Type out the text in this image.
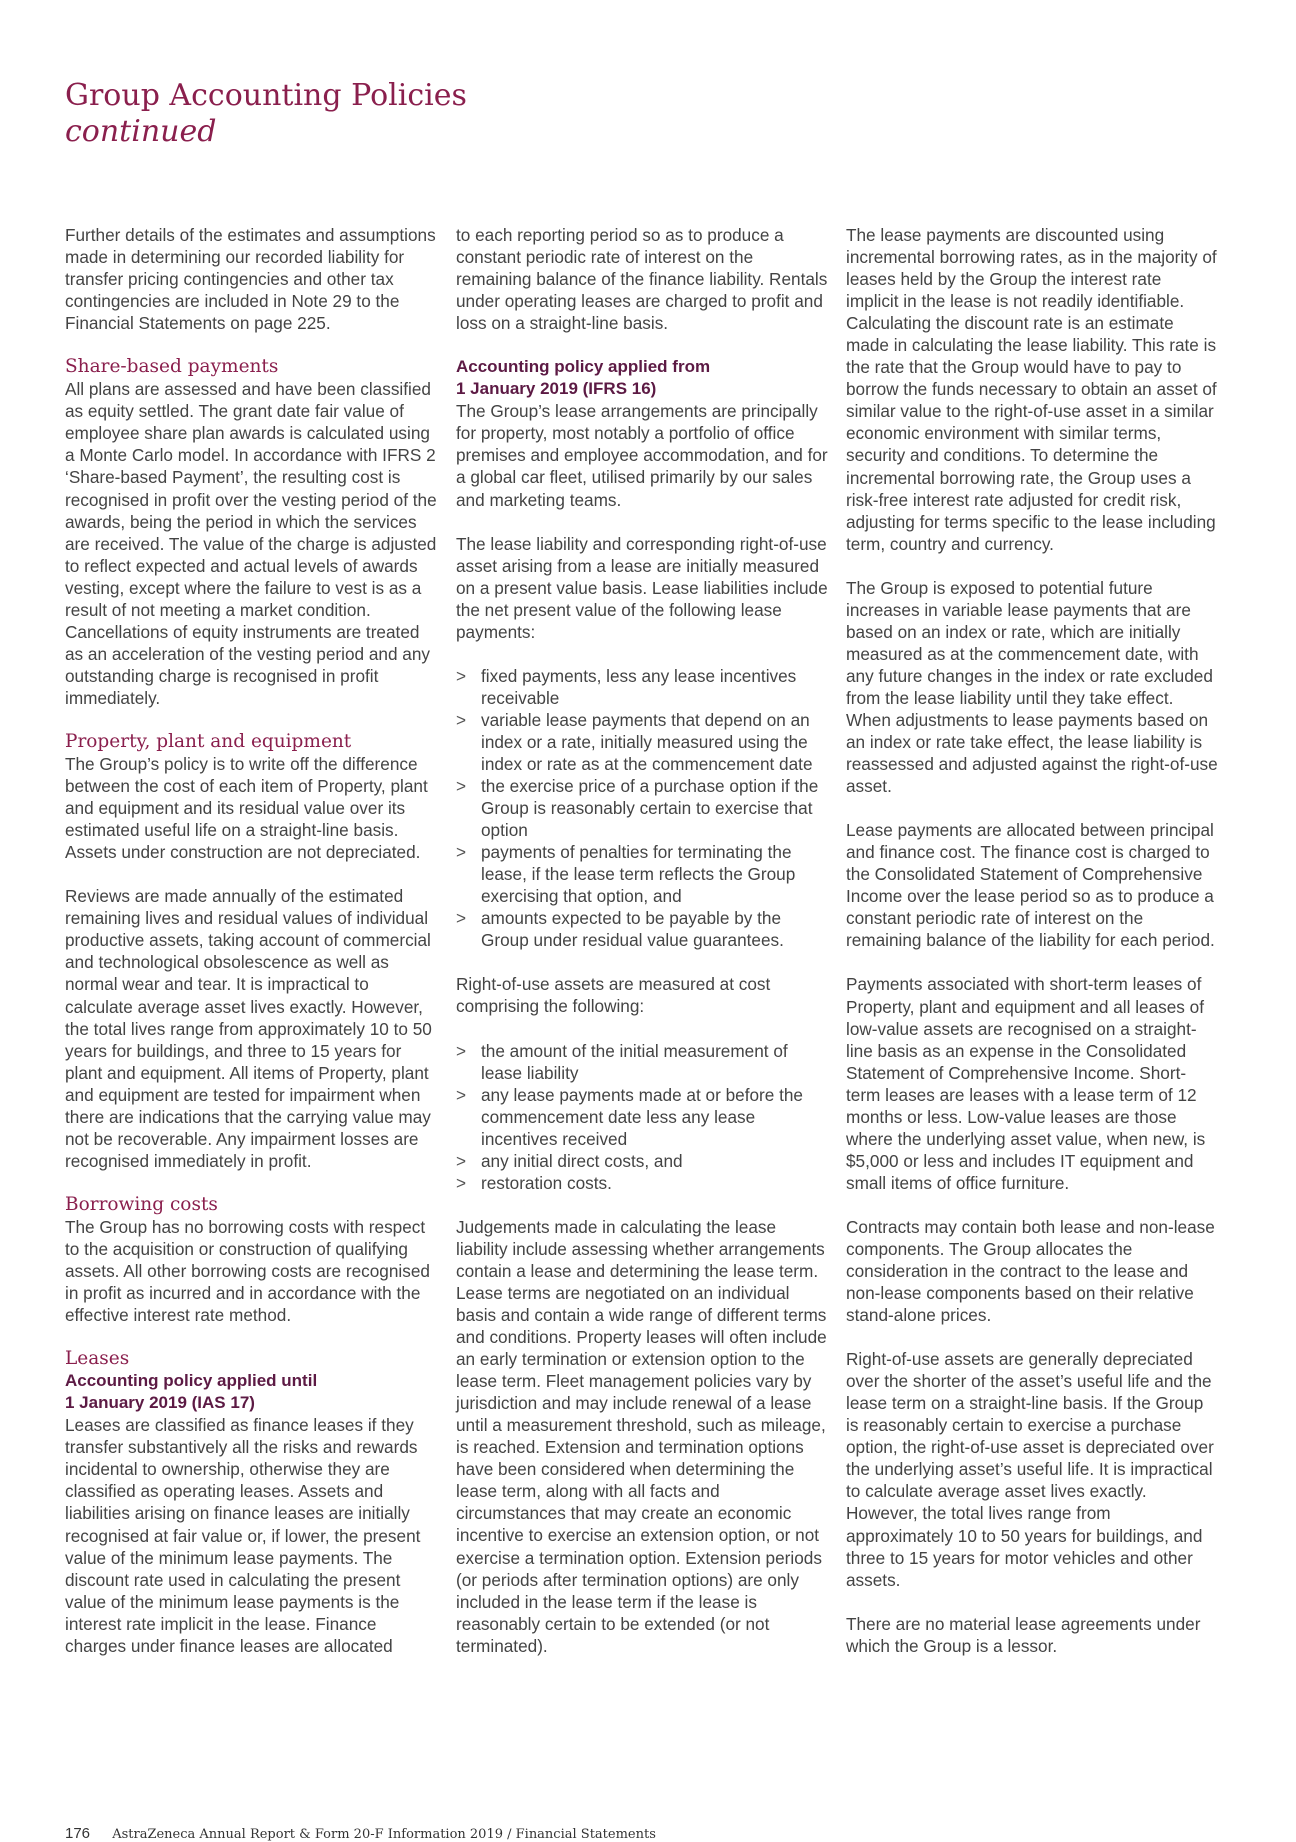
Group Accounting Policies
continued

Further details of the estimates and assumptions made in determining our recorded liability for transfer pricing contingencies and other tax contingencies are included in Note 29 to the Financial Statements on page 225.

Share-based payments

All plans are assessed and have been classified as equity settled. The grant date fair value of employee share plan awards is calculated using a Monte Carlo model. In accordance with IFRS 2 ‘Share-based Payment’, the resulting cost is recognised in profit over the vesting period of the awards, being the period in which the services are received. The value of the charge is adjusted to reflect expected and actual levels of awards vesting, except where the failure to vest is as a result of not meeting a market condition. Cancellations of equity instruments are treated as an acceleration of the vesting period and any outstanding charge is recognised in profit immediately.

Property, plant and equipment

The Group’s policy is to write off the difference between the cost of each item of Property, plant and equipment and its residual value over its estimated useful life on a straight-line basis. Assets under construction are not depreciated.

Reviews are made annually of the estimated remaining lives and residual values of individual productive assets, taking account of commercial and technological obsolescence as well as normal wear and tear. It is impractical to calculate average asset lives exactly. However, the total lives range from approximately 10 to 50 years for buildings, and three to 15 years for plant and equipment. All items of Property, plant and equipment are tested for impairment when there are indications that the carrying value may not be recoverable. Any impairment losses are recognised immediately in profit.

Borrowing costs

The Group has no borrowing costs with respect to the acquisition or construction of qualifying assets. All other borrowing costs are recognised in profit as incurred and in accordance with the effective interest rate method.

Leases
Accounting policy applied until
1 January 2019 (IAS 17)

Leases are classified as finance leases if they transfer substantively all the risks and rewards incidental to ownership, otherwise they are classified as operating leases. Assets and liabilities arising on finance leases are initially recognised at fair value or, if lower, the present value of the minimum lease payments. The discount rate used in calculating the present value of the minimum lease payments is the interest rate implicit in the lease. Finance charges under finance leases are allocated

to each reporting period so as to produce a constant periodic rate of interest on the remaining balance of the finance liability. Rentals under operating leases are charged to profit and loss on a straight-line basis.

Accounting policy applied from
1 January 2019 (IFRS 16)

The Group’s lease arrangements are principally for property, most notably a portfolio of office premises and employee accommodation, and for a global car fleet, utilised primarily by our sales and marketing teams.

The lease liability and corresponding right-of-use asset arising from a lease are initially measured on a present value basis. Lease liabilities include the net present value of the following lease payments:

> fixed payments, less any lease incentives receivable
> variable lease payments that depend on an index or a rate, initially measured using the index or rate as at the commencement date
> the exercise price of a purchase option if the Group is reasonably certain to exercise that option
> payments of penalties for terminating the lease, if the lease term reflects the Group exercising that option, and
> amounts expected to be payable by the Group under residual value guarantees.

Right-of-use assets are measured at cost comprising the following:

> the amount of the initial measurement of lease liability
> any lease payments made at or before the commencement date less any lease incentives received
> any initial direct costs, and
> restoration costs.

Judgements made in calculating the lease liability include assessing whether arrangements contain a lease and determining the lease term. Lease terms are negotiated on an individual basis and contain a wide range of different terms and conditions. Property leases will often include an early termination or extension option to the lease term. Fleet management policies vary by jurisdiction and may include renewal of a lease until a measurement threshold, such as mileage, is reached. Extension and termination options have been considered when determining the lease term, along with all facts and circumstances that may create an economic incentive to exercise an extension option, or not exercise a termination option. Extension periods (or periods after termination options) are only included in the lease term if the lease is reasonably certain to be extended (or not terminated).

The lease payments are discounted using incremental borrowing rates, as in the majority of leases held by the Group the interest rate implicit in the lease is not readily identifiable. Calculating the discount rate is an estimate made in calculating the lease liability. This rate is the rate that the Group would have to pay to borrow the funds necessary to obtain an asset of similar value to the right-of-use asset in a similar economic environment with similar terms, security and conditions. To determine the incremental borrowing rate, the Group uses a risk-free interest rate adjusted for credit risk, adjusting for terms specific to the lease including term, country and currency.

The Group is exposed to potential future increases in variable lease payments that are based on an index or rate, which are initially measured as at the commencement date, with any future changes in the index or rate excluded from the lease liability until they take effect. When adjustments to lease payments based on an index or rate take effect, the lease liability is reassessed and adjusted against the right-of-use asset.

Lease payments are allocated between principal and finance cost. The finance cost is charged to the Consolidated Statement of Comprehensive Income over the lease period so as to produce a constant periodic rate of interest on the remaining balance of the liability for each period.

Payments associated with short-term leases of Property, plant and equipment and all leases of low-value assets are recognised on a straight-line basis as an expense in the Consolidated Statement of Comprehensive Income. Short-term leases are leases with a lease term of 12 months or less. Low-value leases are those where the underlying asset value, when new, is $5,000 or less and includes IT equipment and small items of office furniture.

Contracts may contain both lease and non-lease components. The Group allocates the consideration in the contract to the lease and non-lease components based on their relative stand-alone prices.

Right-of-use assets are generally depreciated over the shorter of the asset’s useful life and the lease term on a straight-line basis. If the Group is reasonably certain to exercise a purchase option, the right-of-use asset is depreciated over the underlying asset’s useful life. It is impractical to calculate average asset lives exactly. However, the total lives range from approximately 10 to 50 years for buildings, and three to 15 years for motor vehicles and other assets.

There are no material lease agreements under which the Group is a lessor.

176 AstraZeneca Annual Report & Form 20-F Information 2019 / Financial Statements
